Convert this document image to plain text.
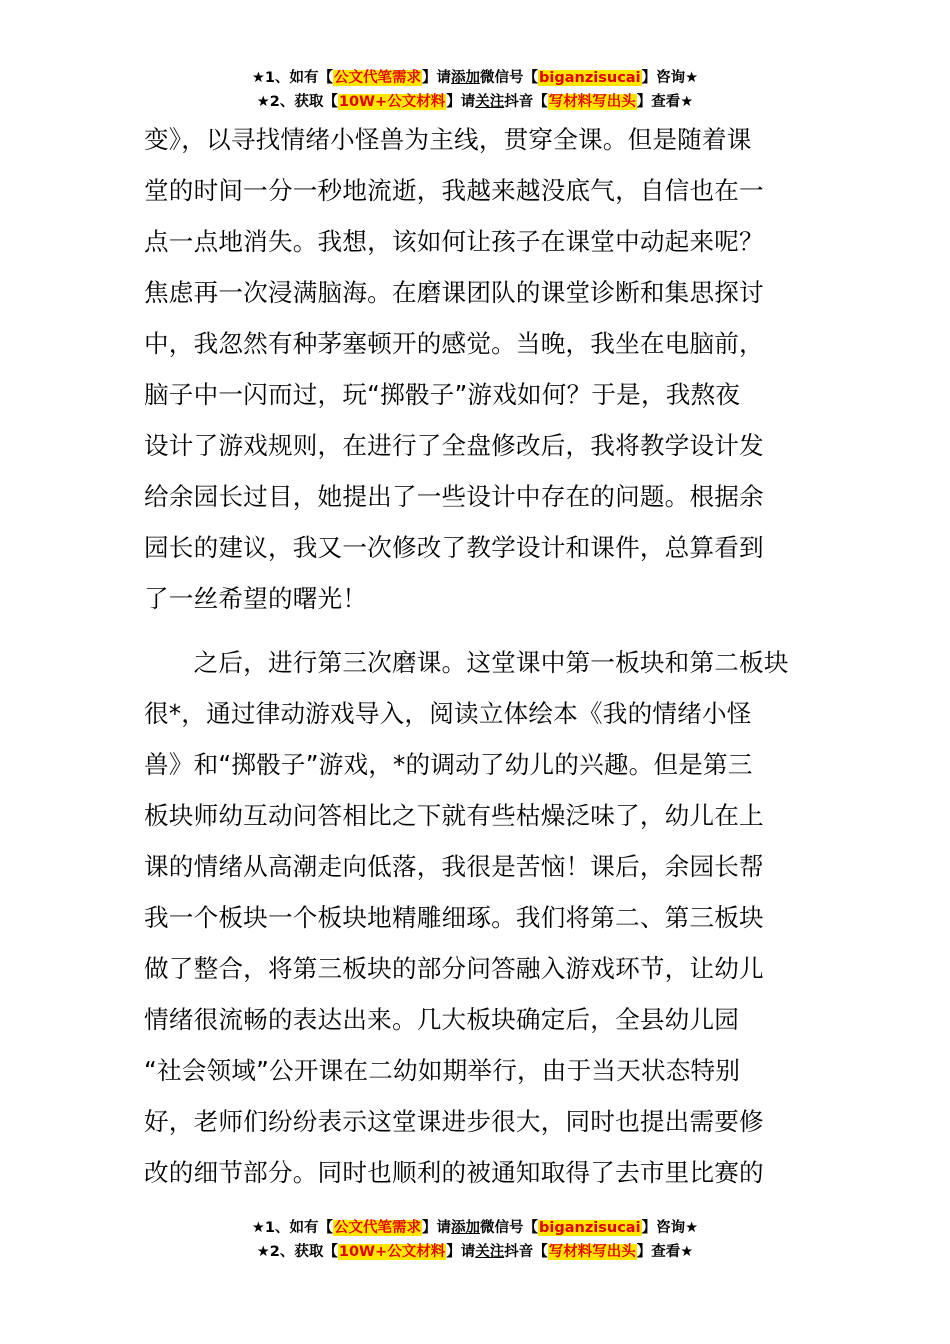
★1、如有【公文代笔需求】请添加微信号【biganzisucai】咨询★
★2、获取【10W+公文材料】请关注抖音【写材料写出头】查看★
变》，以寻找情绪小怪兽为主线，贯穿全课。但是随着课
堂的时间一分一秒地流逝，我越来越没底气，自信也在一
点一点地消失。我想，该如何让孩子在课堂中动起来呢？
焦虑再一次浸满脑海。在磨课团队的课堂诊断和集思探讨
中，我忽然有种茅塞顿开的感觉。当晚，我坐在电脑前，
脑子中一闪而过，玩“掷骰子”游戏如何？于是，我熬夜
设计了游戏规则，在进行了全盘修改后，我将教学设计发
给余园长过目，她提出了一些设计中存在的问题。根据余
园长的建议，我又一次修改了教学设计和课件，总算看到
了一丝希望的曙光！
　　之后，进行第三次磨课。这堂课中第一板块和第二板块
很*，通过律动游戏导入，阅读立体绘本《我的情绪小怪
兽》和“掷骰子”游戏，*的调动了幼儿的兴趣。但是第三
板块师幼互动问答相比之下就有些枯燥泛味了，幼儿在上
课的情绪从高潮走向低落，我很是苦恼！课后，余园长帮
我一个板块一个板块地精雕细琢。我们将第二、第三板块
做了整合，将第三板块的部分问答融入游戏环节，让幼儿
情绪很流畅的表达出来。几大板块确定后，全县幼儿园
“社会领域”公开课在二幼如期举行，由于当天状态特别
好，老师们纷纷表示这堂课进步很大，同时也提出需要修
改的细节部分。同时也顺利的被通知取得了去市里比赛的
★1、如有【公文代笔需求】请添加微信号【biganzisucai】咨询★
★2、获取【10W+公文材料】请关注抖音【写材料写出头】查看★
